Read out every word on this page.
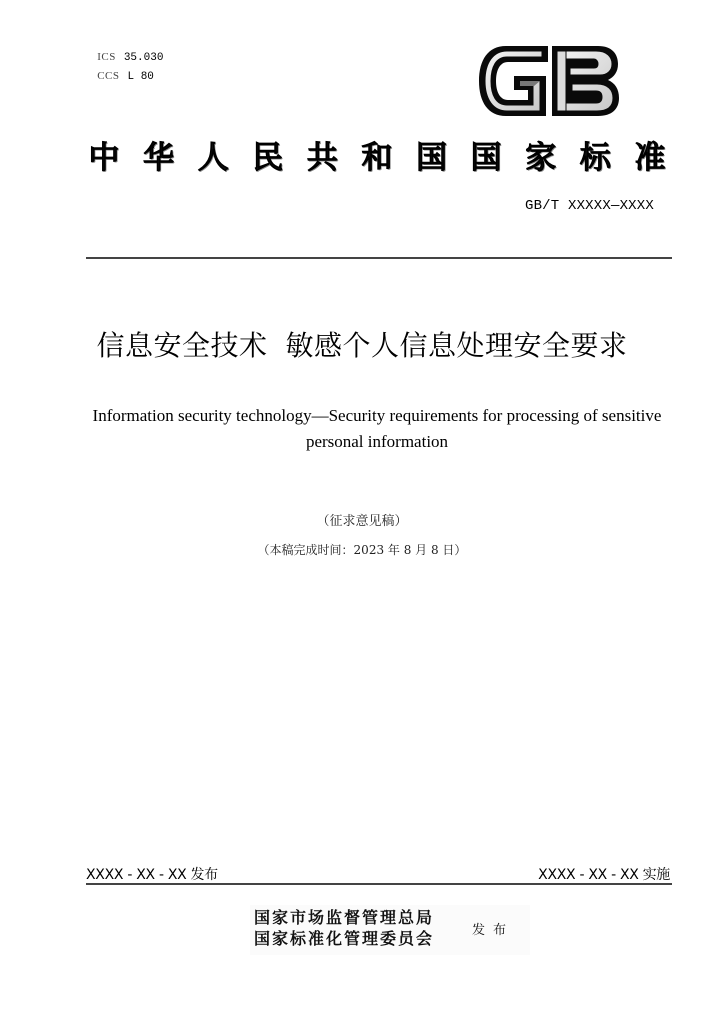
ICS 35.030

CCS L 80

中 华 人 民 共 和 国 国 家 标 准
GB/T XXXXX—XXXX
信息安全技术 敏感个人信息处理安全要求
Information security technology—Security requirements for processing of sensitive
personal information
（征求意见稿）
（本稿完成时间：2023 年 8 月 8 日）
XXXX - XX - XX 发布	XXXX - XX - XX 实施
国家市场监督管理总局
国家标准化管理委员会	发布
